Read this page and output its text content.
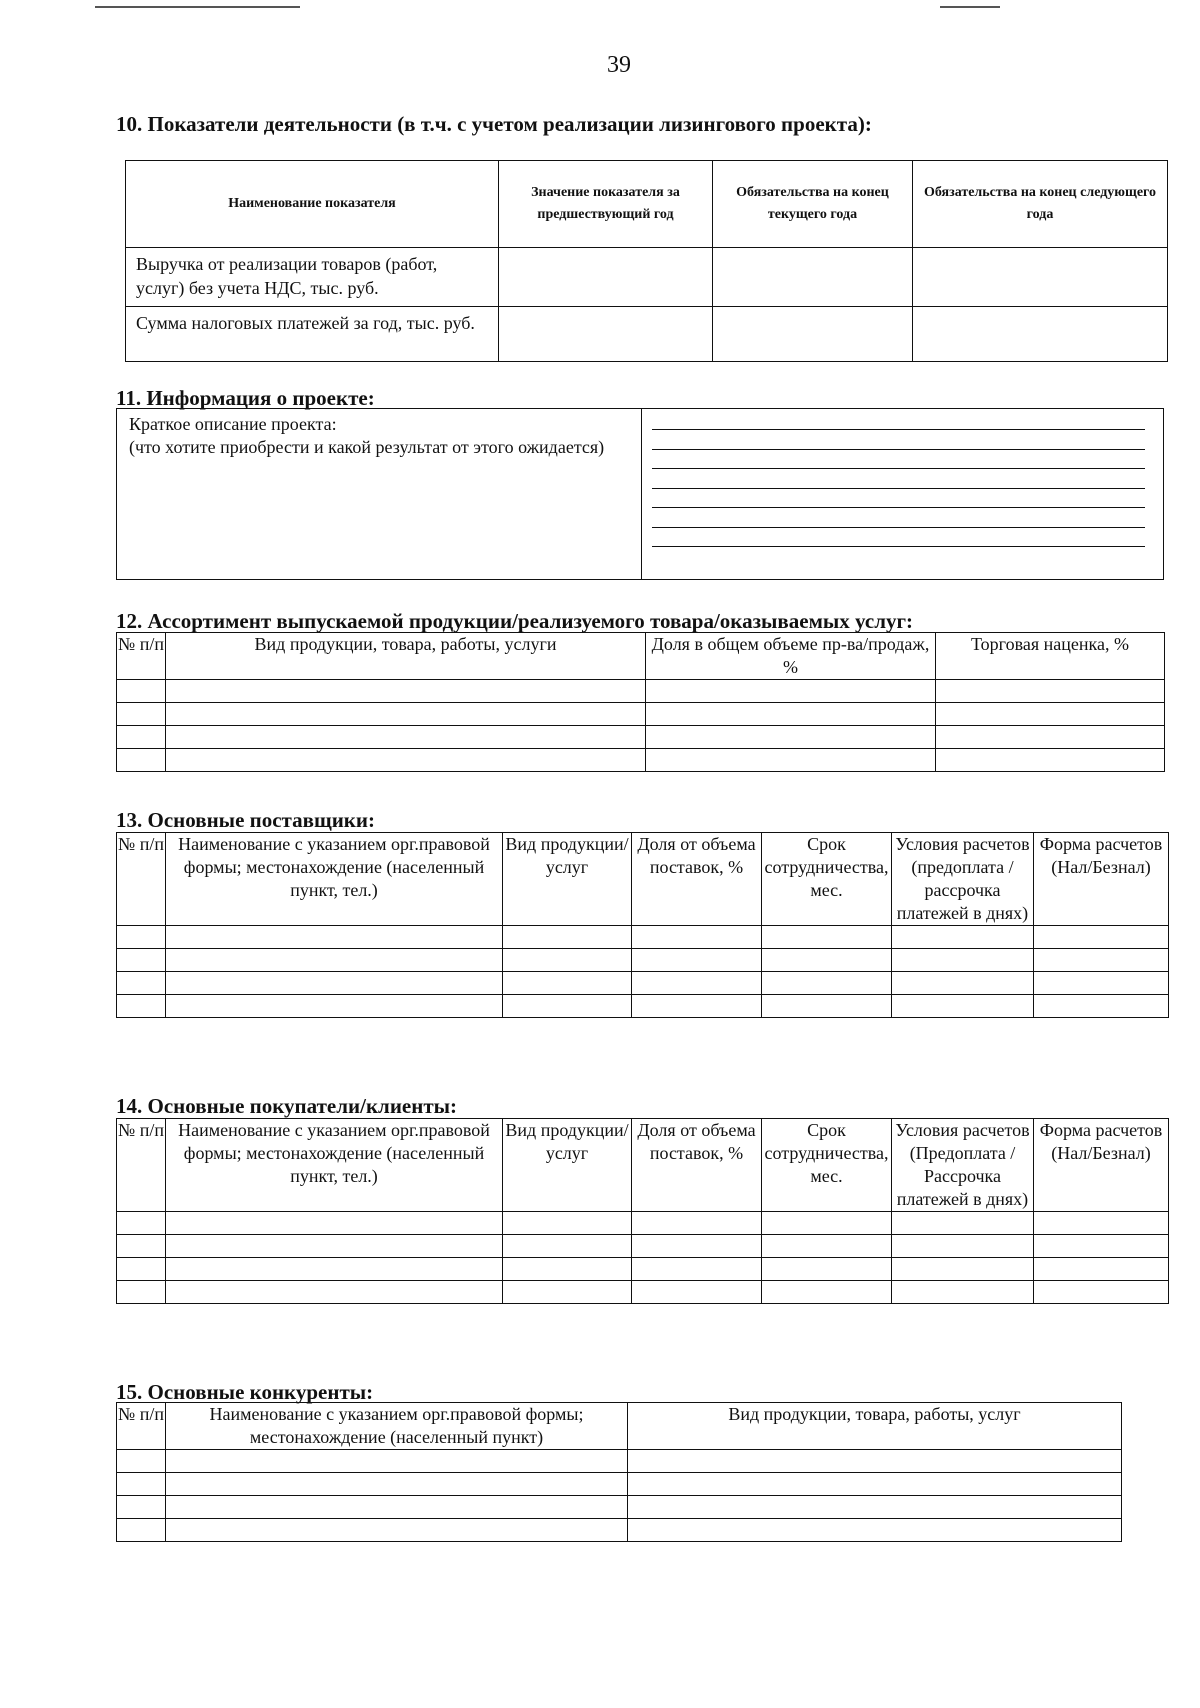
39
10. Показатели деятельности (в т.ч. с учетом реализации лизингового проекта):
Наименование показателя	Значение показателя за предшествующий год	Обязательства на конец текущего года	Обязательства на конец следующего года
Выручка от реализации товаров (работ, услуг) без учета НДС, тыс. руб.			
Сумма налоговых платежей за год, тыс. руб.			
11. Информация о проекте:
Краткое описание проекта:
(что хотите приобрести и какой результат от этого ожидается)
12. Ассортимент выпускаемой продукции/реализуемого товара/оказываемых услуг:
№ п/п	Вид продукции, товара, работы, услуги	Доля в общем объеме пр-ва/продаж, %	Торговая наценка, %

13. Основные поставщики:
№ п/п	Наименование с указанием орг.правовой формы; местонахождение (населенный пункт, тел.)	Вид продукции/ услуг	Доля от объема поставок, %	Срок сотрудничества, мес.	Условия расчетов (предоплата / рассрочка платежей в днях)	Форма расчетов (Нал/Безнал)

14. Основные покупатели/клиенты:
№ п/п	Наименование с указанием орг.правовой формы; местонахождение (населенный пункт, тел.)	Вид продукции/ услуг	Доля от объема поставок, %	Срок сотрудничества, мес.	Условия расчетов (Предоплата / Рассрочка платежей в днях)	Форма расчетов (Нал/Безнал)

15. Основные конкуренты:
№ п/п	Наименование с указанием орг.правовой формы; местонахождение (населенный пункт)	Вид продукции, товара, работы, услуг
